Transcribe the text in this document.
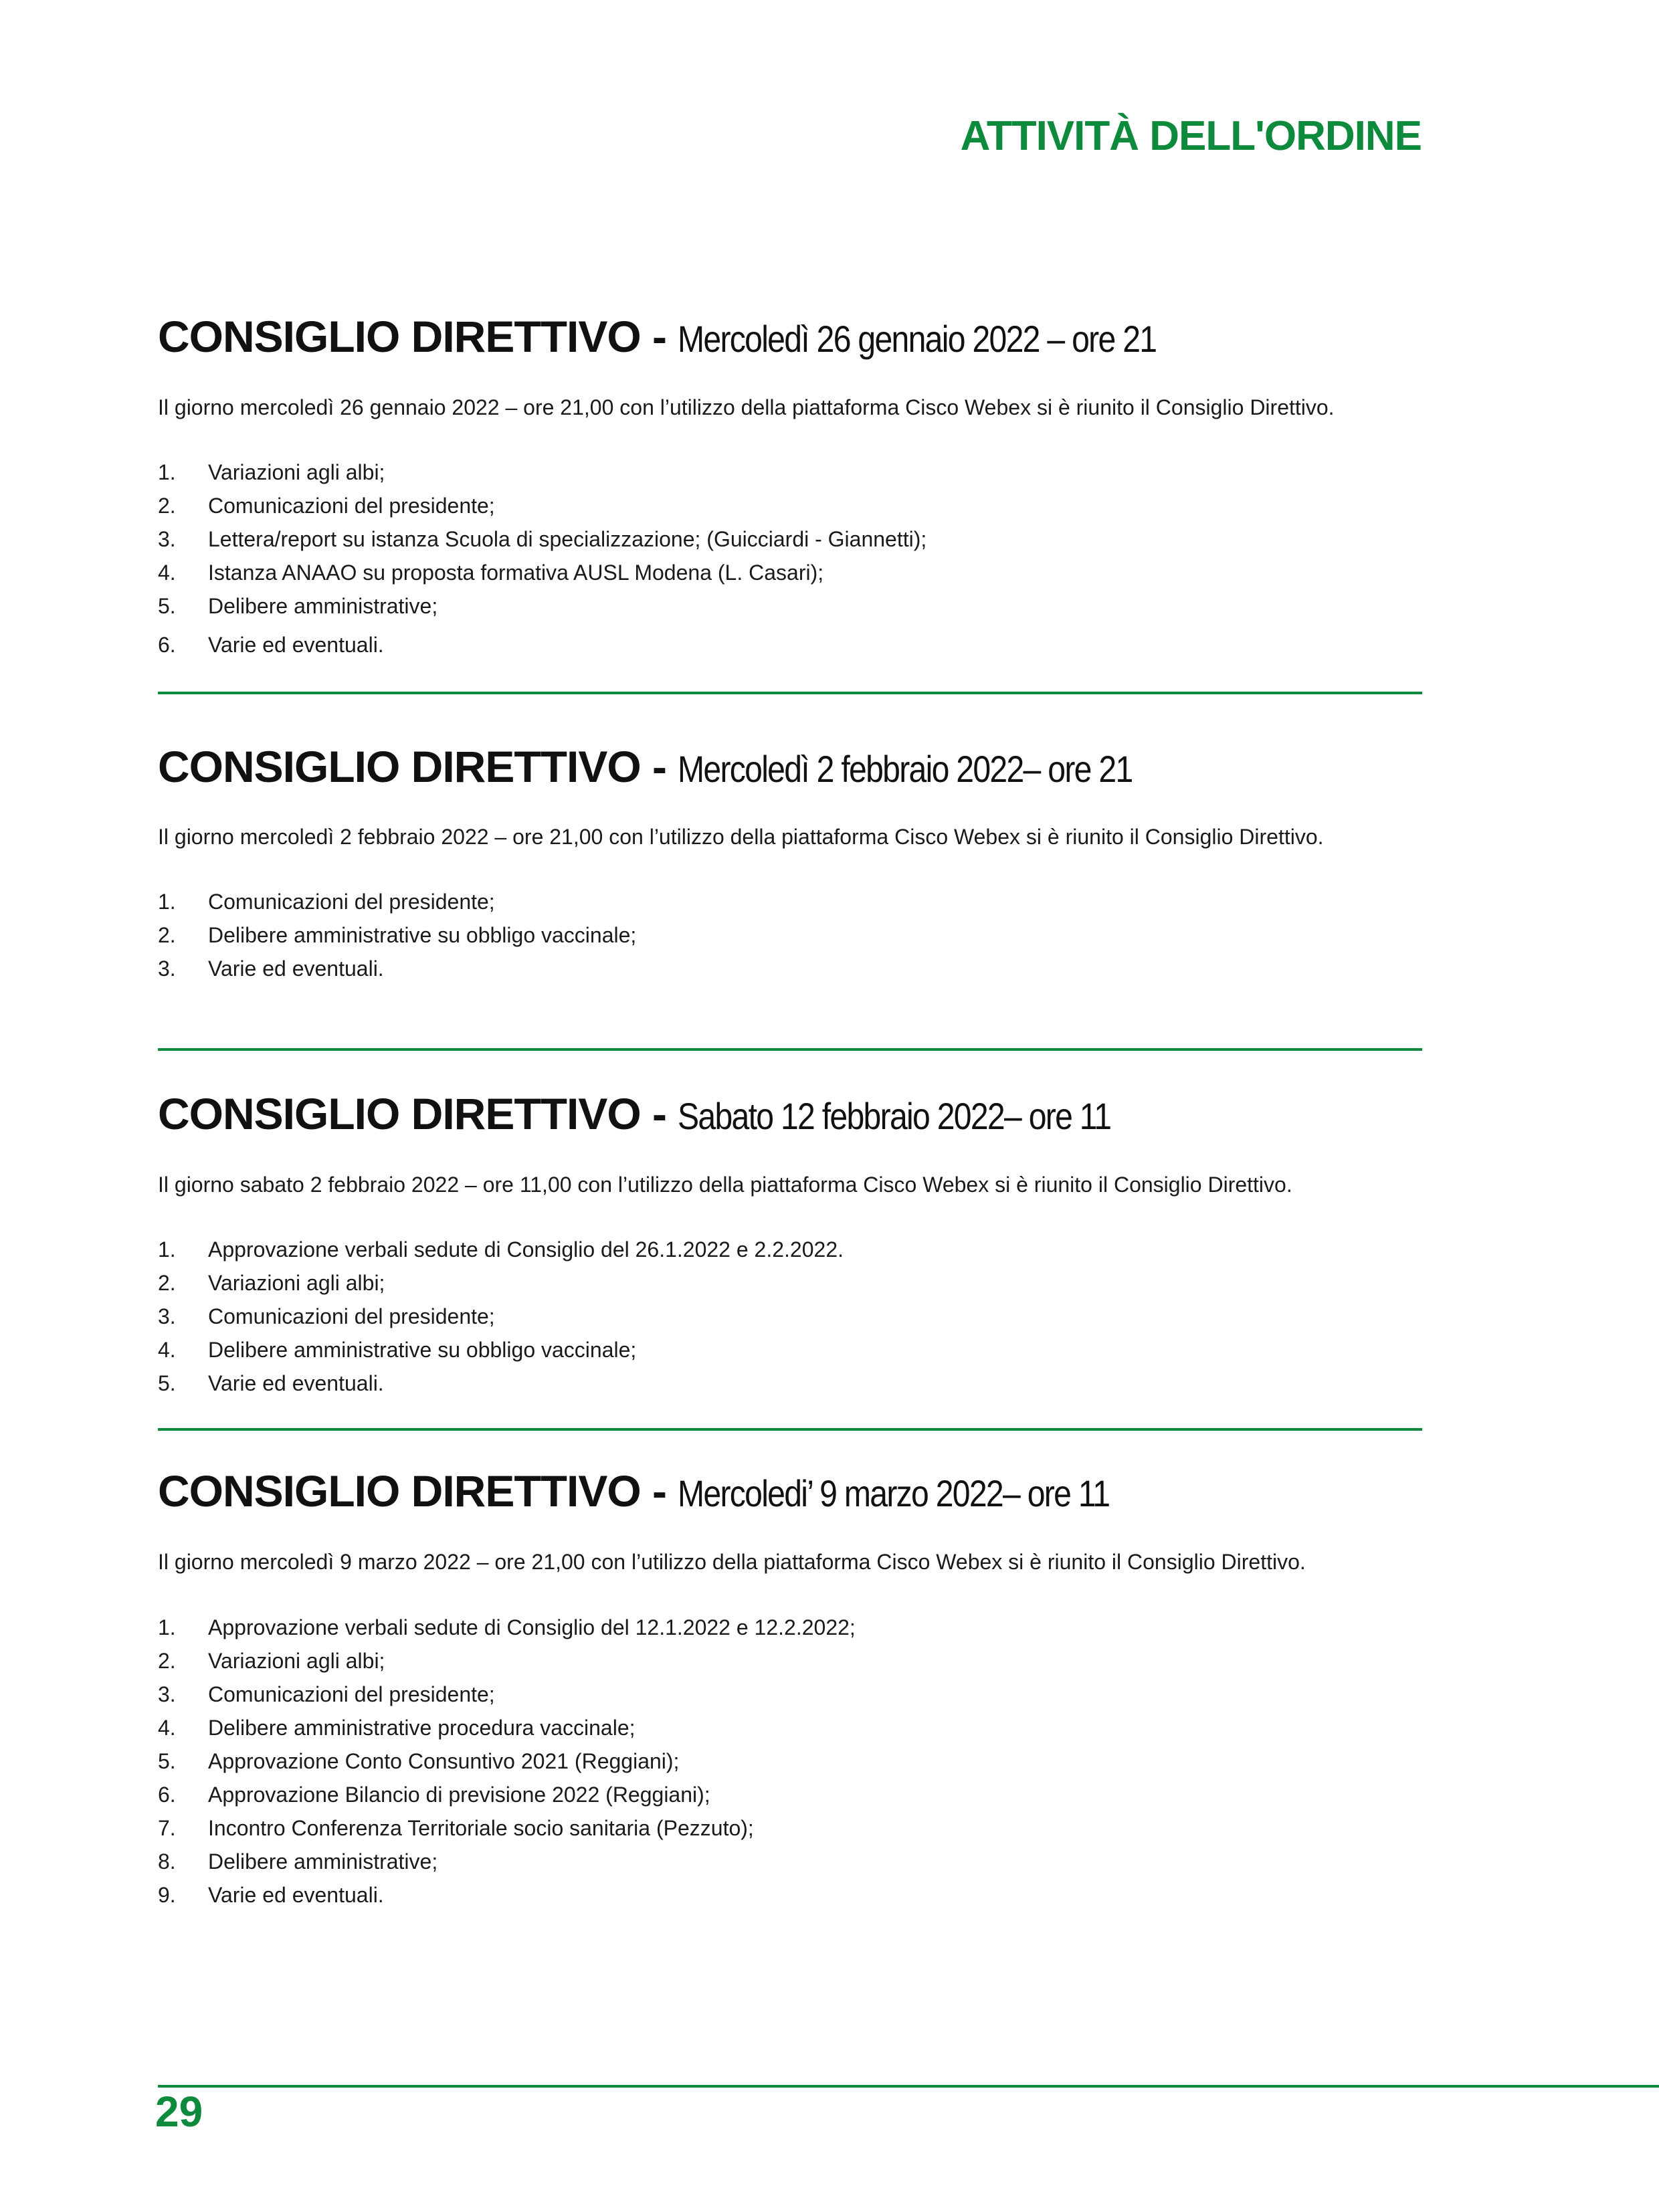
ATTIVITÀ DELL'ORDINE
CONSIGLIO DIRETTIVO - Mercoledì 26 gennaio 2022 – ore 21

Il giorno mercoledì 26 gennaio 2022 – ore 21,00 con l’utilizzo della piattaforma Cisco Webex si è riunito il Consiglio Direttivo.

1. Variazioni agli albi;
2. Comunicazioni del presidente;
3. Lettera/report su istanza Scuola di specializzazione; (Guicciardi - Giannetti);
4. Istanza ANAAO su proposta formativa AUSL Modena (L. Casari);
5. Delibere amministrative;
6. Varie ed eventuali.
CONSIGLIO DIRETTIVO - Mercoledì 2 febbraio 2022– ore 21

Il giorno mercoledì 2 febbraio 2022 – ore 21,00 con l’utilizzo della piattaforma Cisco Webex si è riunito il Consiglio Direttivo.

1. Comunicazioni del presidente;
2. Delibere amministrative su obbligo vaccinale;
3. Varie ed eventuali.
CONSIGLIO DIRETTIVO - Sabato 12 febbraio 2022– ore 11

Il giorno sabato 2 febbraio 2022 – ore 11,00 con l’utilizzo della piattaforma Cisco Webex si è riunito il Consiglio Direttivo.

1. Approvazione verbali sedute di Consiglio del 26.1.2022 e 2.2.2022.
2. Variazioni agli albi;
3. Comunicazioni del presidente;
4. Delibere amministrative su obbligo vaccinale;
5. Varie ed eventuali.
CONSIGLIO DIRETTIVO - Mercoledi’ 9 marzo 2022– ore 11

Il giorno mercoledì 9 marzo 2022 – ore 21,00 con l’utilizzo della piattaforma Cisco Webex si è riunito il Consiglio Direttivo.

1. Approvazione verbali sedute di Consiglio del 12.1.2022 e 12.2.2022;
2. Variazioni agli albi;
3. Comunicazioni del presidente;
4. Delibere amministrative procedura vaccinale;
5. Approvazione Conto Consuntivo 2021 (Reggiani);
6. Approvazione Bilancio di previsione 2022 (Reggiani);
7. Incontro Conferenza Territoriale socio sanitaria (Pezzuto);
8. Delibere amministrative;
9. Varie ed eventuali.
29
